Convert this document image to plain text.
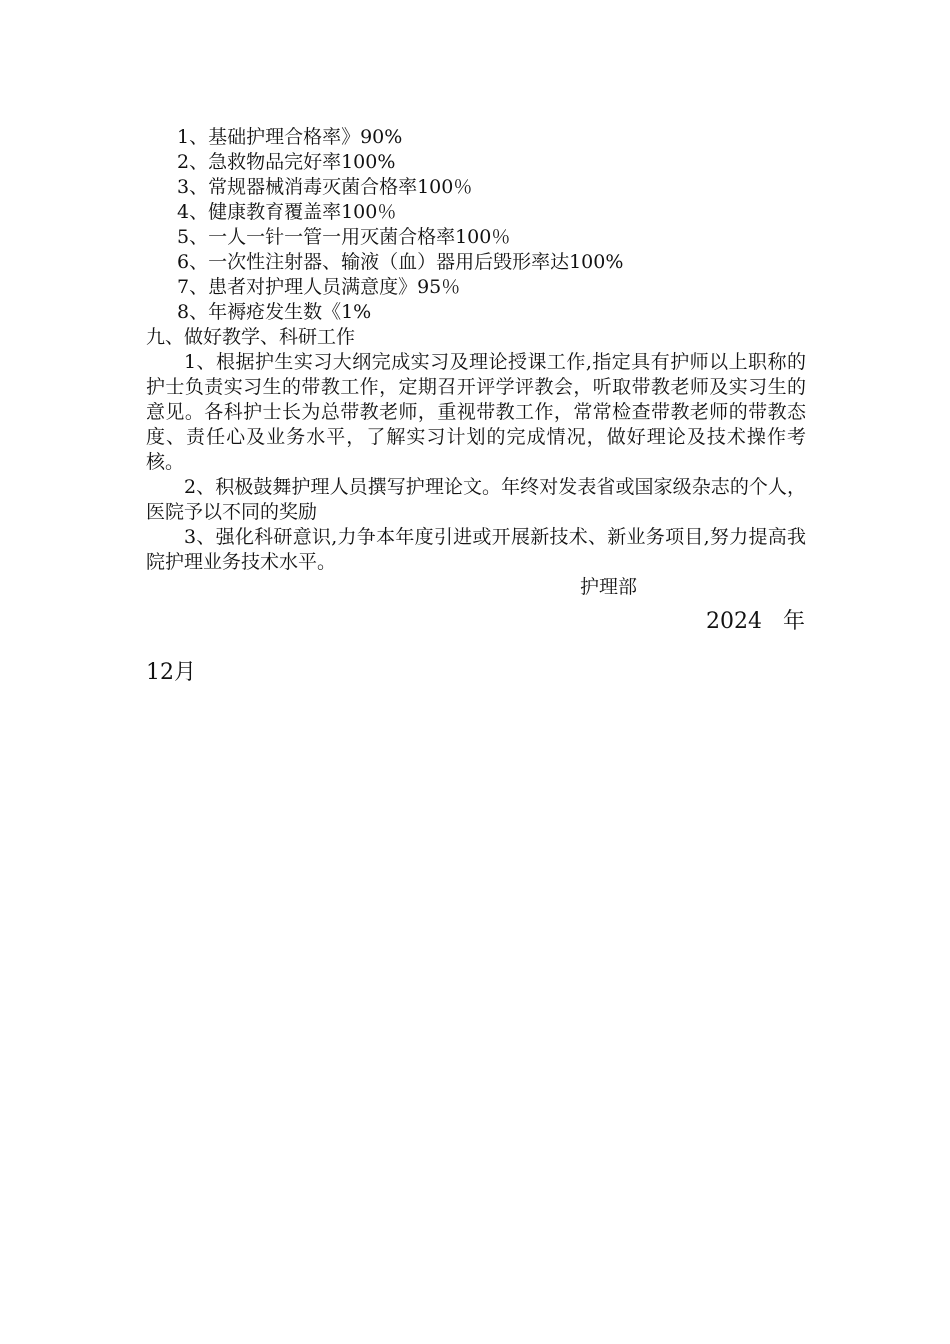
1、基础护理合格率》90%
2、急救物品完好率100%
3、常规器械消毒灭菌合格率100％
4、健康教育覆盖率100％
5、一人一针一管一用灭菌合格率100％
6、一次性注射器、输液（血）器用后毁形率达100%
7、患者对护理人员满意度》95％
8、年褥疮发生数《1%
九、做好教学、科研工作
1、根据护生实习大纲完成实习及理论授课工作,指定具有护师以上职称的护士负责实习生的带教工作，定期召开评学评教会，听取带教老师及实习生的意见。各科护士长为总带教老师，重视带教工作，常常检查带教老师的带教态度、责任心及业务水平，了解实习计划的完成情况，做好理论及技术操作考核。
2、积极鼓舞护理人员撰写护理论文。年终对发表省或国家级杂志的个人，医院予以不同的奖励
3、强化科研意识,力争本年度引进或开展新技术、新业务项目,努力提高我院护理业务技术水平。
护理部
2024 年
12月
